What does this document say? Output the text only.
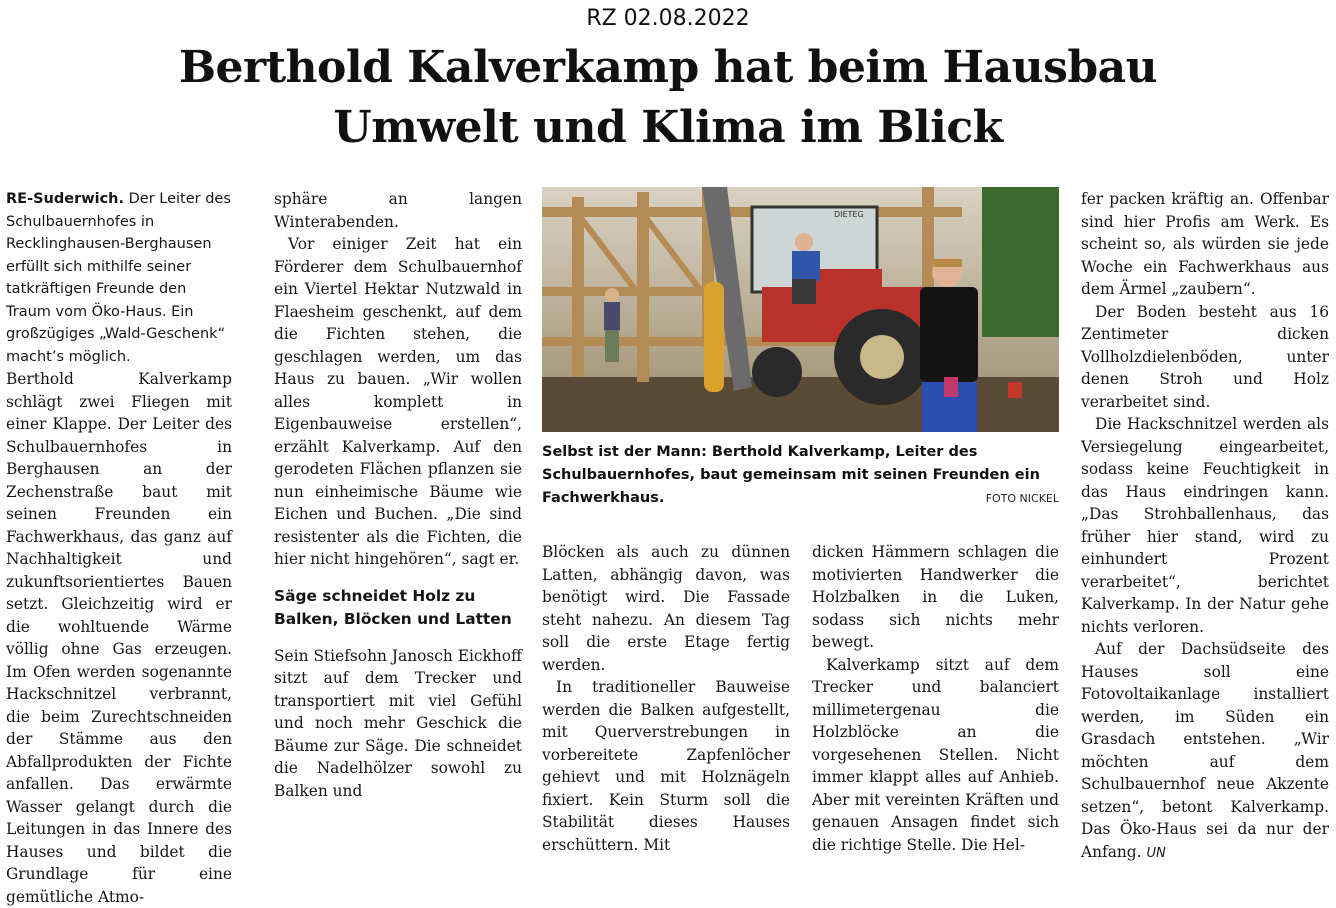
RZ 02.08.2022
Berthold Kalverkamp hat beim Hausbau
Umwelt und Klima im Blick

RE-Suderwich. Der Leiter des Schulbauernhofes in Recklinghausen-Berghausen erfüllt sich mithilfe seiner tatkräftigen Freunde den Traum vom Öko-Haus. Ein großzügiges „Wald-Geschenk“ macht’s möglich.

Berthold Kalverkamp schlägt zwei Fliegen mit einer Klappe. Der Leiter des Schulbauernhofes in Berghausen an der Zechenstraße baut mit seinen Freunden ein Fachwerkhaus, das ganz auf Nachhaltigkeit und zukunftsorientiertes Bauen setzt. Gleichzeitig wird er die wohltuende Wärme völlig ohne Gas erzeugen. Im Ofen werden sogenannte Hackschnitzel verbrannt, die beim Zurechtschneiden der Stämme aus den Abfallprodukten der Fichte anfallen. Das erwärmte Wasser gelangt durch die Leitungen in das Innere des Hauses und bildet die Grundlage für eine gemütliche Atmo-

sphäre an langen Winterabenden.

Vor einiger Zeit hat ein Förderer dem Schulbauernhof ein Viertel Hektar Nutzwald in Flaesheim geschenkt, auf dem die Fichten stehen, die geschlagen werden, um das Haus zu bauen. „Wir wollen alles komplett in Eigenbauweise erstellen“, erzählt Kalverkamp. Auf den gerodeten Flächen pflanzen sie nun einheimische Bäume wie Eichen und Buchen. „Die sind resistenter als die Fichten, die hier nicht hingehören“, sagt er.

Säge schneidet Holz zu Balken, Blöcken und Latten

Sein Stiefsohn Janosch Eickhoff sitzt auf dem Trecker und transportiert mit viel Gefühl und noch mehr Geschick die Bäume zur Säge. Die schneidet die Nadelhölzer sowohl zu Balken und

DIETEG
Selbst ist der Mann: Berthold Kalverkamp, Leiter des Schulbauernhofes, baut gemeinsam mit seinen Freunden ein Fachwerkhaus.	FOTO NICKEL

Blöcken als auch zu dünnen Latten, abhängig davon, was benötigt wird. Die Fassade steht nahezu. An diesem Tag soll die erste Etage fertig werden.

In traditioneller Bauweise werden die Balken aufgestellt, mit Querverstrebungen in vorbereitete Zapfenlöcher gehievt und mit Holznägeln fixiert. Kein Sturm soll die Stabilität dieses Hauses erschüttern. Mit

dicken Hämmern schlagen die motivierten Handwerker die Holzbalken in die Luken, sodass sich nichts mehr bewegt.

Kalverkamp sitzt auf dem Trecker und balanciert millimetergenau die Holzblöcke an die vorgesehenen Stellen. Nicht immer klappt alles auf Anhieb. Aber mit vereinten Kräften und genauen Ansagen findet sich die richtige Stelle. Die Hel-

fer packen kräftig an. Offenbar sind hier Profis am Werk. Es scheint so, als würden sie jede Woche ein Fachwerkhaus aus dem Ärmel „zaubern“.

Der Boden besteht aus 16 Zentimeter dicken Vollholzdielenböden, unter denen Stroh und Holz verarbeitet sind.

Die Hackschnitzel werden als Versiegelung eingearbeitet, sodass keine Feuchtigkeit in das Haus eindringen kann. „Das Strohballenhaus, das früher hier stand, wird zu einhundert Prozent verarbeitet“, berichtet Kalverkamp. In der Natur gehe nichts verloren.

Auf der Dachsüdseite des Hauses soll eine Fotovoltaikanlage installiert werden, im Süden ein Grasdach entstehen. „Wir möchten auf dem Schulbauernhof neue Akzente setzen“, betont Kalverkamp. Das Öko-Haus sei da nur der Anfang. UN
